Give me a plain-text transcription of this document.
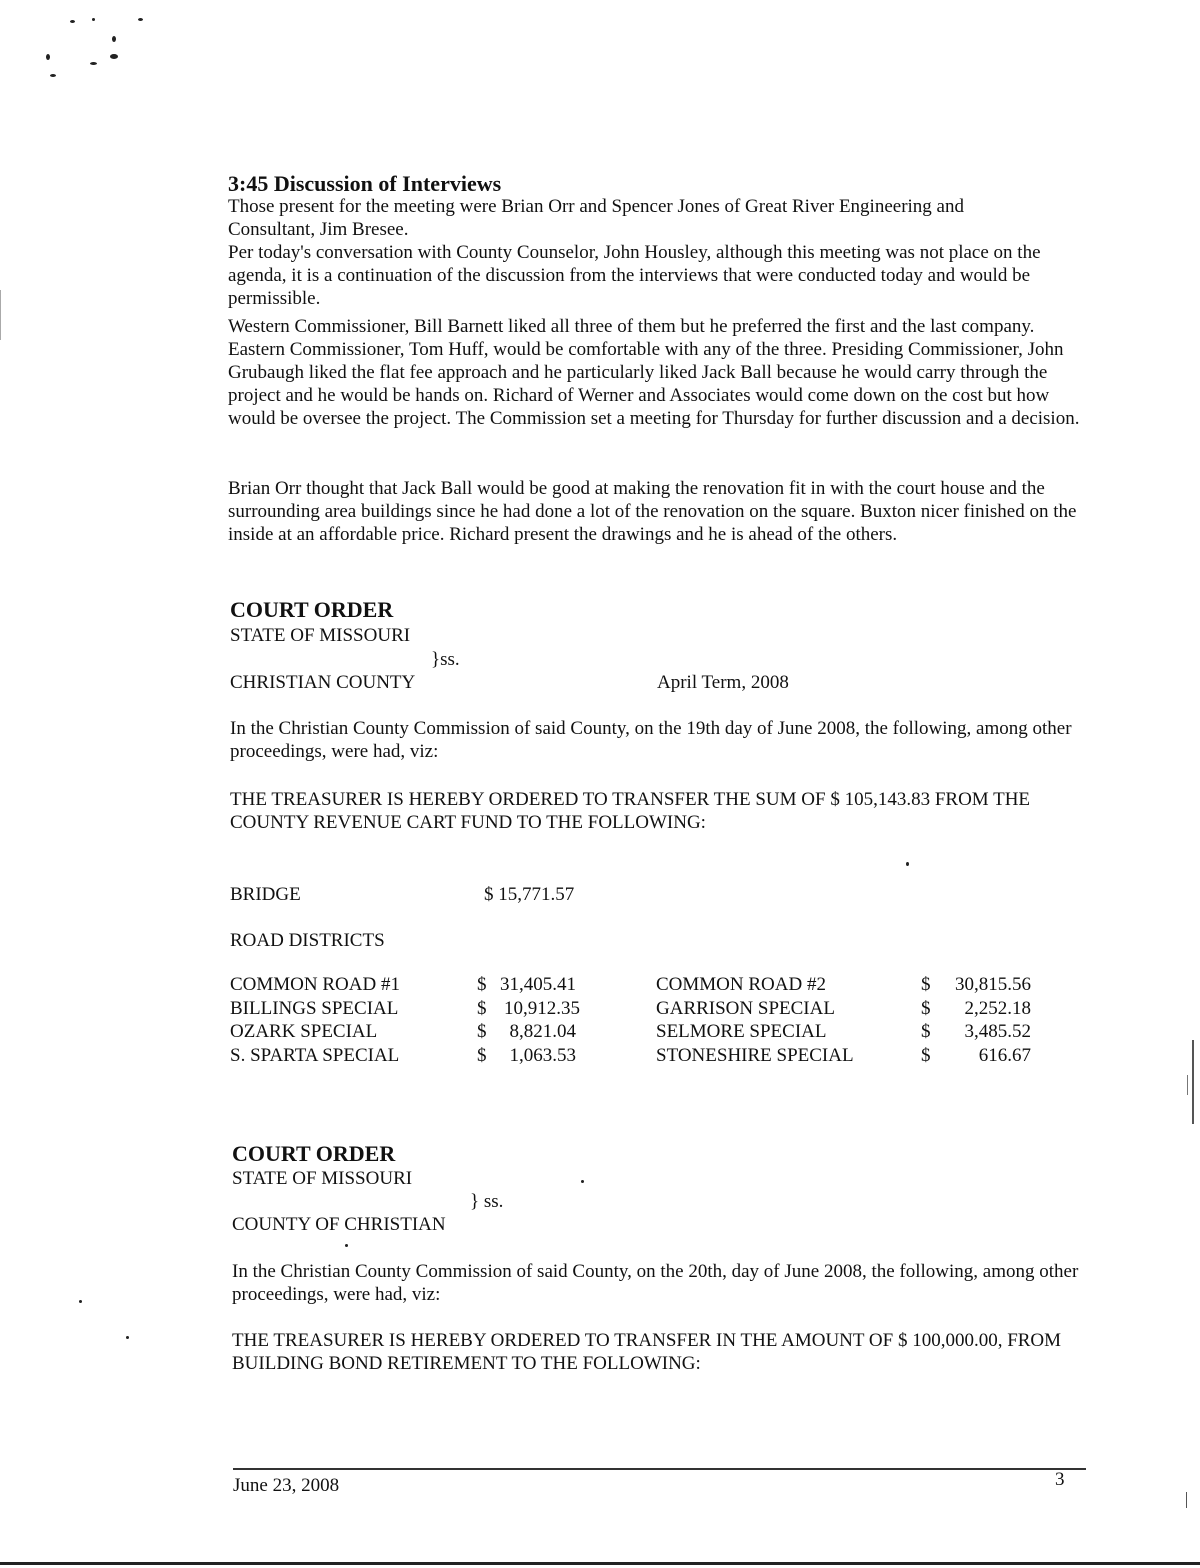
3:45 Discussion of Interviews
Those present for the meeting were Brian Orr and Spencer Jones of Great River Engineering and Consultant, Jim Bresee.
Per today's conversation with County Counselor, John Housley, although this meeting was not place on the agenda, it is a continuation of the discussion from the interviews that were conducted today and would be permissible.
Western Commissioner, Bill Barnett liked all three of them but he preferred the first and the last company. Eastern Commissioner, Tom Huff, would be comfortable with any of the three. Presiding Commissioner, John Grubaugh liked the flat fee approach and he particularly liked Jack Ball because he would carry through the project and he would be hands on. Richard of Werner and Associates would come down on the cost but how would be oversee the project. The Commission set a meeting for Thursday for further discussion and a decision.
Brian Orr thought that Jack Ball would be good at making the renovation fit in with the court house and the surrounding area buildings since he had done a lot of the renovation on the square. Buxton nicer finished on the inside at an affordable price. Richard present the drawings and he is ahead of the others.
COURT ORDER
STATE OF MISSOURI
}ss.
CHRISTIAN COUNTY	April Term, 2008
In the Christian County Commission of said County, on the 19th day of June 2008, the following, among other proceedings, were had, viz:
THE TREASURER IS HEREBY ORDERED TO TRANSFER THE SUM OF $ 105,143.83 FROM THE COUNTY REVENUE CART FUND TO THE FOLLOWING:
BRIDGE	$ 15,771.57
ROAD DISTRICTS
COMMON ROAD #1	$ 31,405.41	COMMON ROAD #2	$	30,815.56
BILLINGS SPECIAL	$ 10,912.35	GARRISON SPECIAL	$	2,252.18
OZARK SPECIAL	$	8,821.04	SELMORE SPECIAL	$	3,485.52
S. SPARTA SPECIAL	$	1,063.53	STONESHIRE SPECIAL	$	616.67
COURT ORDER
STATE OF MISSOURI
} ss.
COUNTY OF CHRISTIAN
In the Christian County Commission of said County, on the 20th, day of June 2008, the following, among other proceedings, were had, viz:
THE TREASURER IS HEREBY ORDERED TO TRANSFER IN THE AMOUNT OF $ 100,000.00, FROM BUILDING BOND RETIREMENT TO THE FOLLOWING:
June 23, 2008	3
